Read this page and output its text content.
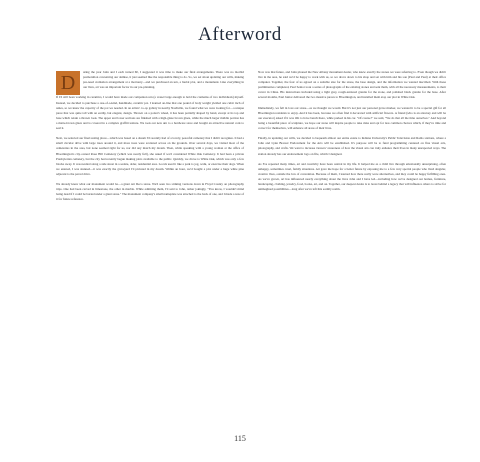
Afterword

D uring the year John and I each turned 60, I suggested it was time to make our final arrangements. There was no morbid premonition concerning our demise, it just seemed like the responsible thing to do. So, we set about updating our wills, making pre-need cremation arrangement at a mortuary—and we purchased an urn, a burial plot, and a monument. Like everything in our lives, art was an important factor in our pre-planning.

If I'd still been working in ceramics, I would have made our companion urn (a vessel large enough to hold the cremains of two individuals) myself. Instead, we decided to purchase a one-of-a-kind, handmade, ceramic pot. I learned on-line that one pound of body weight yielded one cubic inch of ashes, so we knew the capacity of the pot we needed. In an artists' co-op gallery in nearby Nashville, we found what we were looking for—a unique piece that was quite tall with an earthy, but elegant, design. Thrown on a potter's wheel, it has been partially shaped by hand, except at its top and base which retain a thrown look. The upper and lower sections are finished with a high-glaze brown glaze, while the much larger middle portion has a matte-brown glaze and is covered in a complex graffiti texture. We took our new urn to a hardware store and bought an attractive natural cork to seal it.

Next, we selected our final resting place—which was based on a dream I'd recently had of a lovely, peaceful cemetery that I didn't recognize. It had a small circular drive with large trees around it, and more trees were scattered across on the grounds. Over several days, we visited most of the cemeteries in the area, but none seemed right for us, nor did any match my dream. Then, while speaking with a young woman at the office of Bloomington's city-owned Rose Hill Cemetery (which was nearly full), she asked if we'd considered White Oak Cemetery. It had been a private Presbyterian cemetery, but the city had recently begun making plots available to the public. Quickly, we drove to White Oak, which was only a few blocks away. It was nestled along a side street in a sedate, older, residential area. Locals used it like a park to jog, walk, or exercise their dogs. When we entered, I was stunned—it was exactly the graveyard I'd pictured in my dream. Within an hour, we'd bought a plot under a huge white pine adjacent to the paved drive.

We already knew what our monument would be—a giant Art Deco stone. We'd seen two striking versions down in Floyd County on photography trips. One had been carved in limestone, the other in marble. While admiring them, I'd said to John, rather jokingly, "You know, I wouldn't mind being dead if I could be buried under a giant stone." The monument company's small nameplate was attached to the back of one, and I made a note of it for future reference.

Now was that future, and John phoned the New Albany monument dealer, who knew exactly the stones we were referring to. Even though we didn't live in the area, he said we'd be happy to work with us, so we drove down to his shop and sat with him and his son (Paul and Paul) at their office computer. Together, the four of us agreed on a suitable size for the stone, the base design, and the information we wanted inscribed. With these preliminaries completed, Paul Senior took a series of photographs of the existing stones and sent them, with all the necessary measurements, to their carver in China. His instructions included using a light grey, rough-textured granite for the stone, and polished black granite for the base. After several months, Paul Junior delivered the two massive pieces to Bloomington, and installed them atop our plot in White Oak.

Immediately, we fell in love our stone—as we thought we would. But it's not just our personal grave marker, we wanted it to be a special gift for all Bloomington residents to enjoy. And it has been, because we often find it decorated with artificial flowers. A friend (who is an attorney and will be our executor) asked if it was OK to have bench there, while parked in his car. "Of course!" we said, "We do that all the time ourselves." And beyond being a beautiful piece of sculpture, we hope our stone will inspire people to take risks and opt for less common choices which, if they've time and correct for themselves, will enhance all areas of their lives.

Finally, in updating our wills, we decided to bequeath almost our entire estate to Indiana University's Public Television and Radio stations, where a John and Lynn Brewer Endowment for the Arts will be established. It's purpose will be to fund programming centered on fine visual arts, photography, and crafts. We want to increase viewers' awareness of how the visual arts can truly enhance their lives in many unexpected ways. The station already has our endorsement logo on file, which I designed.

As I've repeated many times, art and creativity have been central in my life. It helped me as a child live through emotionally unsurprising, often unhappy, sometimes cruel, family situations. Art gave me hope for a better future by exposing me to a few very special people who lived singular, creative lives, outside the box of convention. Because of them, I learned how there really were alternatives, and they could be happy fulfilling ones. As we've grown, art has influenced nearly everything about the lives John and I have led—including how we've designed our homes, furniture, landscaping, clothing, jewelry, food, books, art, and on. Together, our deepest desire is to leave behind a legacy that will influence others to strive for unimagined possibilities—long after we've left this earthly realm.

115
